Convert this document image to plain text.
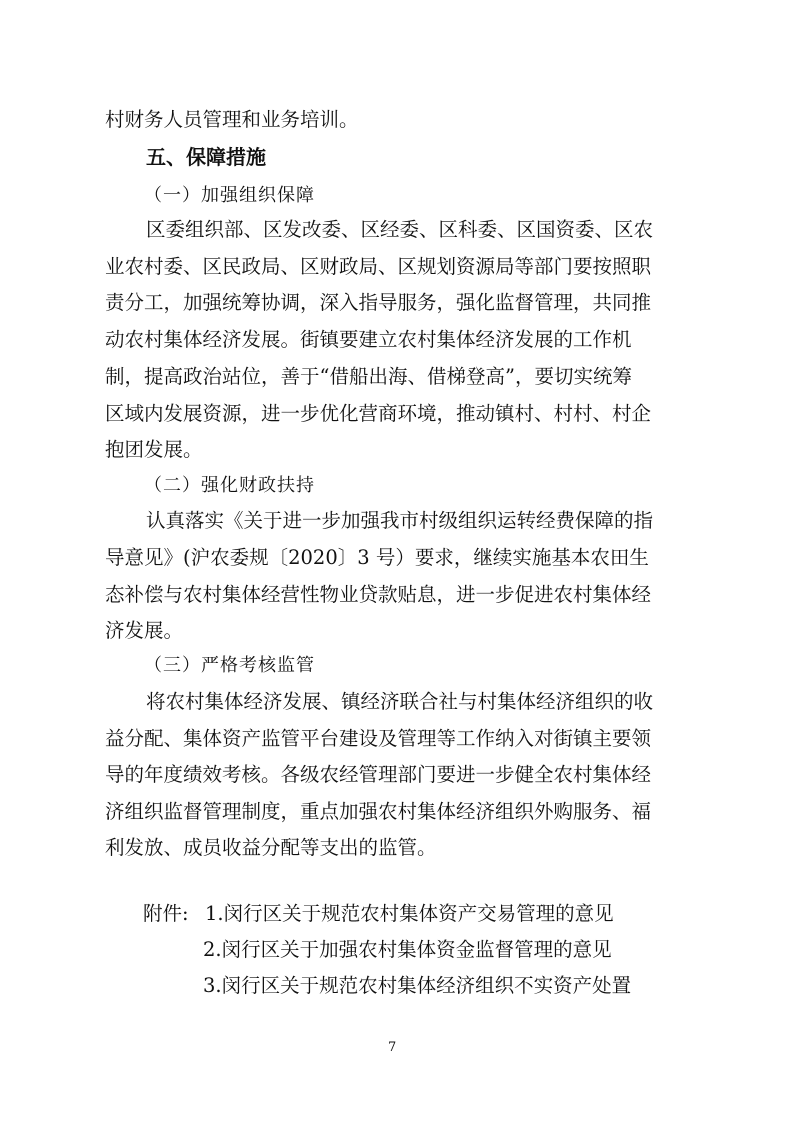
村财务人员管理和业务培训。
五、保障措施
（一）加强组织保障
区委组织部、区发改委、区经委、区科委、区国资委、区农
业农村委、区民政局、区财政局、区规划资源局等部门要按照职
责分工，加强统筹协调，深入指导服务，强化监督管理，共同推
动农村集体经济发展。街镇要建立农村集体经济发展的工作机
制，提高政治站位，善于“借船出海、借梯登高”，要切实统筹
区域内发展资源，进一步优化营商环境，推动镇村、村村、村企
抱团发展。
（二）强化财政扶持
认真落实《关于进一步加强我市村级组织运转经费保障的指
导意见》(沪农委规〔2020〕3 号）要求，继续实施基本农田生
态补偿与农村集体经营性物业贷款贴息，进一步促进农村集体经
济发展。
（三）严格考核监管
将农村集体经济发展、镇经济联合社与村集体经济组织的收
益分配、集体资产监管平台建设及管理等工作纳入对街镇主要领
导的年度绩效考核。各级农经管理部门要进一步健全农村集体经
济组织监督管理制度，重点加强农村集体经济组织外购服务、福
利发放、成员收益分配等支出的监管。
附件: 1.闵行区关于规范农村集体资产交易管理的意见
2.闵行区关于加强农村集体资金监督管理的意见
3.闵行区关于规范农村集体经济组织不实资产处置
7
